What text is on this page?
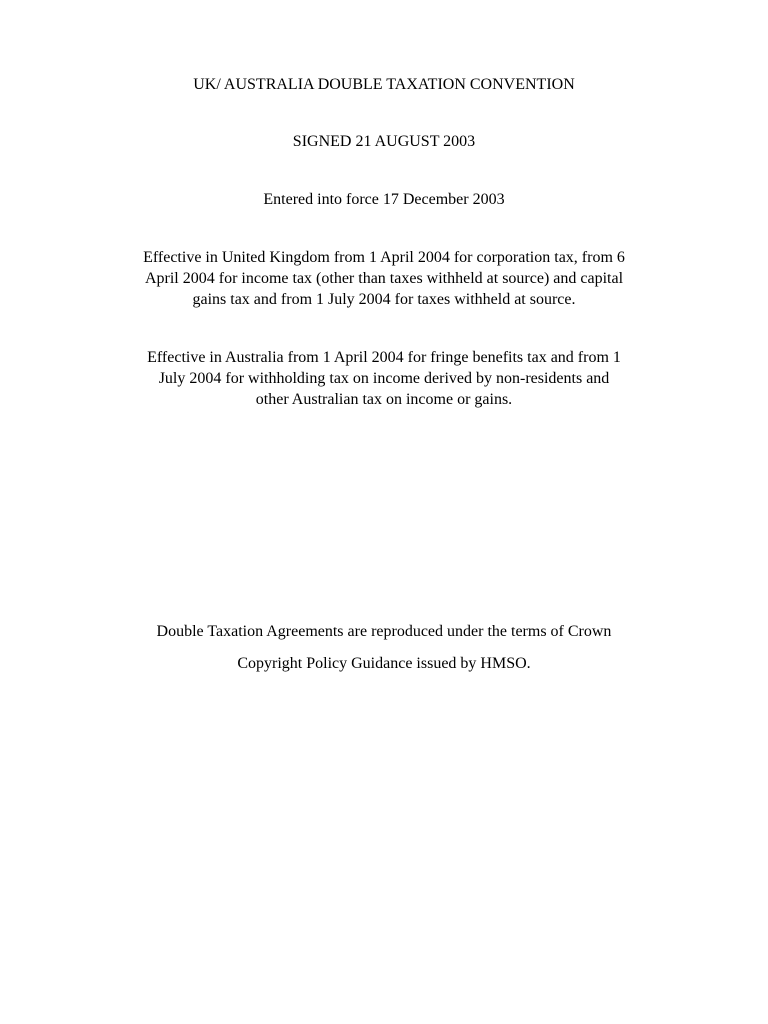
UK/ AUSTRALIA DOUBLE TAXATION CONVENTION
SIGNED 21 AUGUST 2003
Entered into force 17 December 2003
Effective in United Kingdom from 1 April 2004 for corporation tax, from 6
April 2004 for income tax (other than taxes withheld at source) and capital
gains tax and from 1 July 2004 for taxes withheld at source.
Effective in Australia from 1 April 2004 for fringe benefits tax and from 1
July 2004 for withholding tax on income derived by non-residents and
other Australian tax on income or gains.
Double Taxation Agreements are reproduced under the terms of Crown
Copyright Policy Guidance issued by HMSO.
